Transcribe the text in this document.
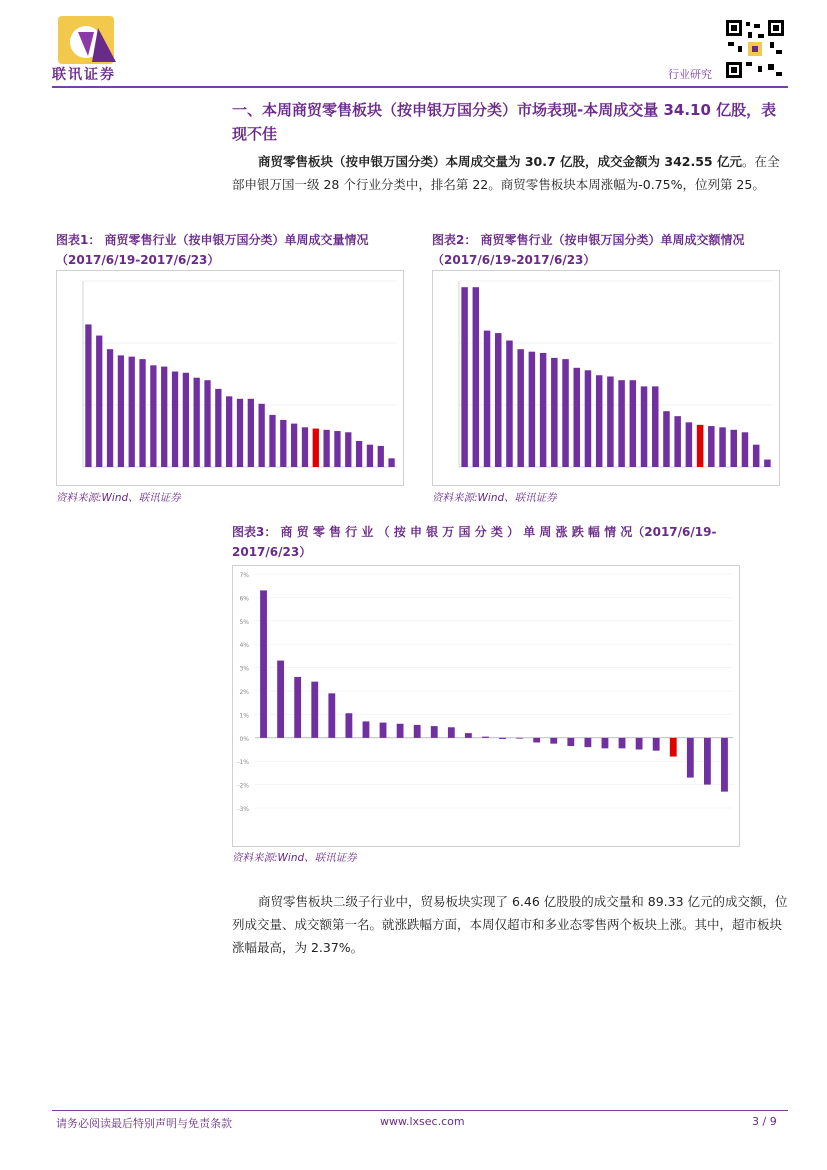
联讯证券	行业研究
一、本周商贸零售板块（按申银万国分类）市场表现-本周成交量 34.10 亿股，表现不佳
商贸零售板块（按申银万国分类）本周成交量为 30.7 亿股，成交金额为 342.55 亿元。在全部申银万国一级 28 个行业分类中，排名第 22。商贸零售板块本周涨幅为-0.75%，位列第 25。
图表1： 商贸零售行业（按申银万国分类）单周成交量情况（2017/6/19-2017/6/23）
资料来源:Wind、联讯证券
图表2： 商贸零售行业（按申银万国分类）单周成交额情况（2017/6/19-2017/6/23）
资料来源:Wind、联讯证券
图表3： 商 贸 零 售 行 业 （ 按 申 银 万 国 分 类 ） 单 周 涨 跌 幅 情 况（2017/6/19-2017/6/23）
7%
6%
5%
4%
3%
2%
1%
0%
-1%
-2%
-3%
资料来源:Wind、联讯证券
商贸零售板块二级子行业中，贸易板块实现了 6.46 亿股股的成交量和 89.33 亿元的成交额，位列成交量、成交额第一名。就涨跌幅方面，本周仅超市和多业态零售两个板块上涨。其中，超市板块涨幅最高，为 2.37%。
请务必阅读最后特别声明与免责条款	www.lxsec.com	3 / 9
